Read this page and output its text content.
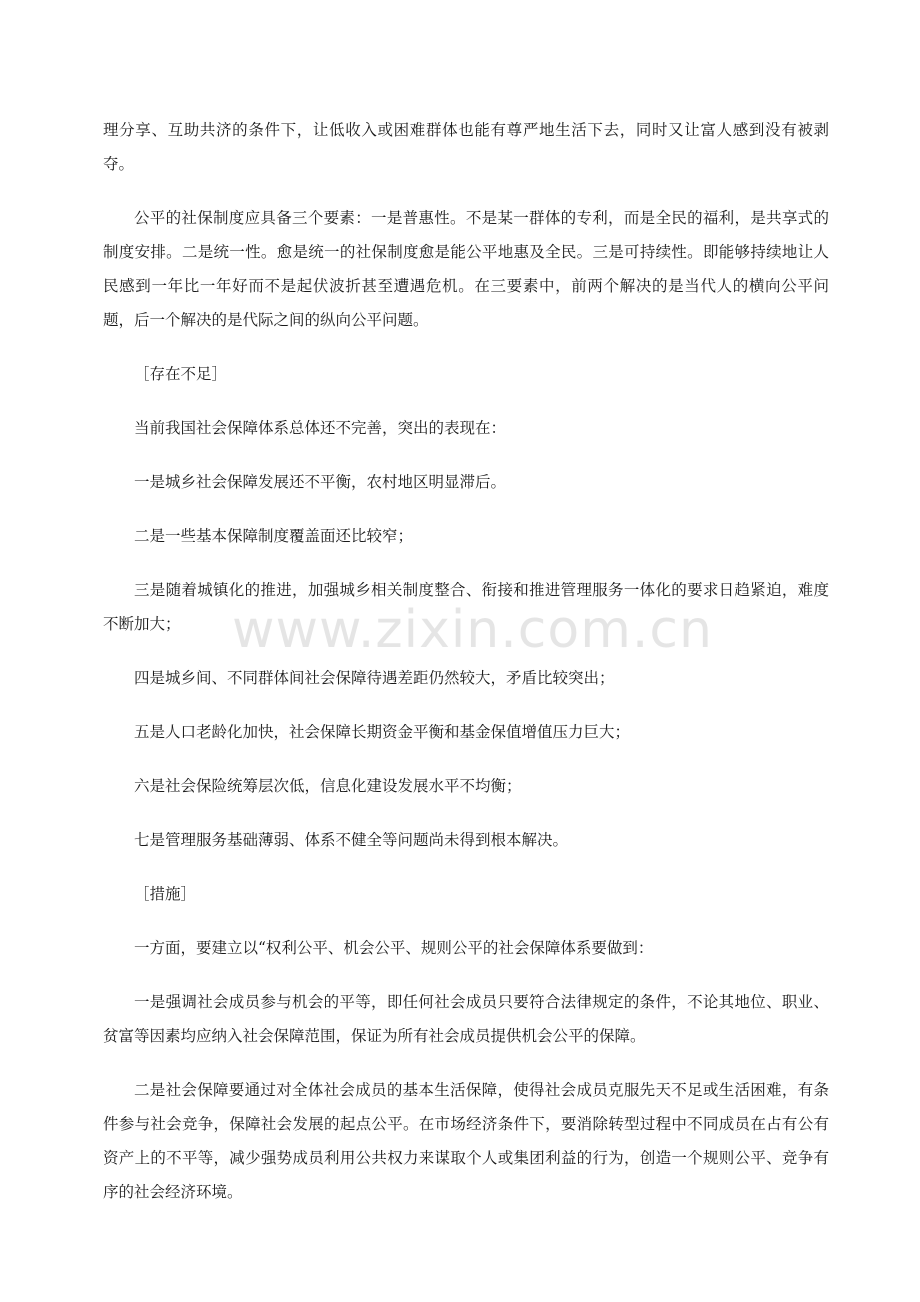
理分享、互助共济的条件下，让低收入或困难群体也能有尊严地生活下去，同时又让富人感到没有被剥夺。

公平的社保制度应具备三个要素：一是普惠性。不是某一群体的专利，而是全民的福利，是共享式的制度安排。二是统一性。愈是统一的社保制度愈是能公平地惠及全民。三是可持续性。即能够持续地让人民感到一年比一年好而不是起伏波折甚至遭遇危机。在三要素中，前两个解决的是当代人的横向公平问题，后一个解决的是代际之间的纵向公平问题。

［存在不足］

当前我国社会保障体系总体还不完善，突出的表现在：

一是城乡社会保障发展还不平衡，农村地区明显滞后。

二是一些基本保障制度覆盖面还比较窄；

三是随着城镇化的推进，加强城乡相关制度整合、衔接和推进管理服务一体化的要求日趋紧迫，难度不断加大；

四是城乡间、不同群体间社会保障待遇差距仍然较大，矛盾比较突出；

五是人口老龄化加快，社会保障长期资金平衡和基金保值增值压力巨大；

六是社会保险统筹层次低，信息化建设发展水平不均衡；

七是管理服务基础薄弱、体系不健全等问题尚未得到根本解决。

［措施］

一方面，要建立以“权利公平、机会公平、规则公平的社会保障体系要做到：

一是强调社会成员参与机会的平等，即任何社会成员只要符合法律规定的条件，不论其地位、职业、贫富等因素均应纳入社会保障范围，保证为所有社会成员提供机会公平的保障。

二是社会保障要通过对全体社会成员的基本生活保障，使得社会成员克服先天不足或生活困难，有条件参与社会竞争，保障社会发展的起点公平。在市场经济条件下，要消除转型过程中不同成员在占有公有资产上的不平等，减少强势成员利用公共权力来谋取个人或集团利益的行为，创造一个规则公平、竞争有序的社会经济环境。

www.zixin.com.cn
